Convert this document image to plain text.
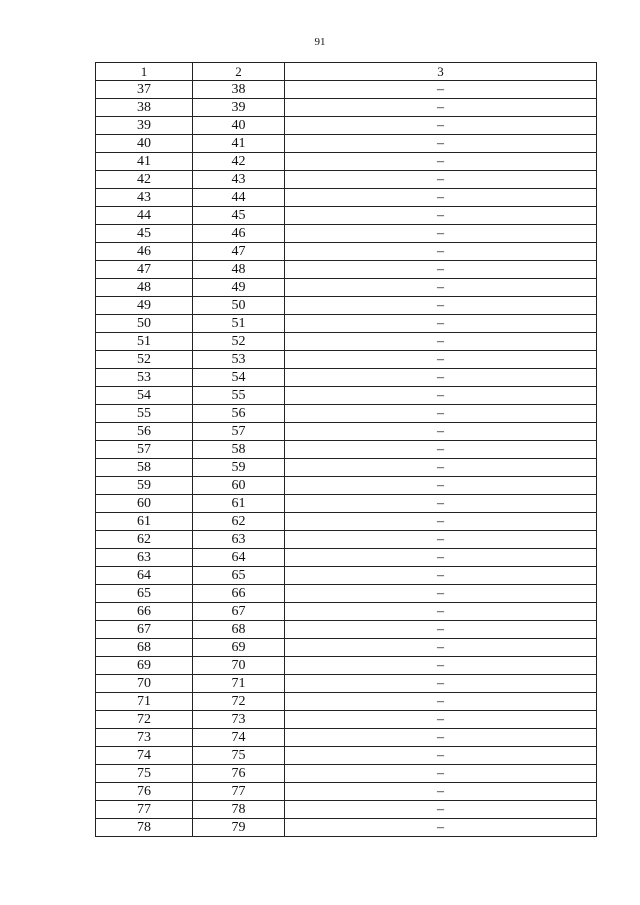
91
1	2	3
37	38	–
38	39	–
39	40	–
40	41	–
41	42	–
42	43	–
43	44	–
44	45	–
45	46	–
46	47	–
47	48	–
48	49	–
49	50	–
50	51	–
51	52	–
52	53	–
53	54	–
54	55	–
55	56	–
56	57	–
57	58	–
58	59	–
59	60	–
60	61	–
61	62	–
62	63	–
63	64	–
64	65	–
65	66	–
66	67	–
67	68	–
68	69	–
69	70	–
70	71	–
71	72	–
72	73	–
73	74	–
74	75	–
75	76	–
76	77	–
77	78	–
78	79	–
